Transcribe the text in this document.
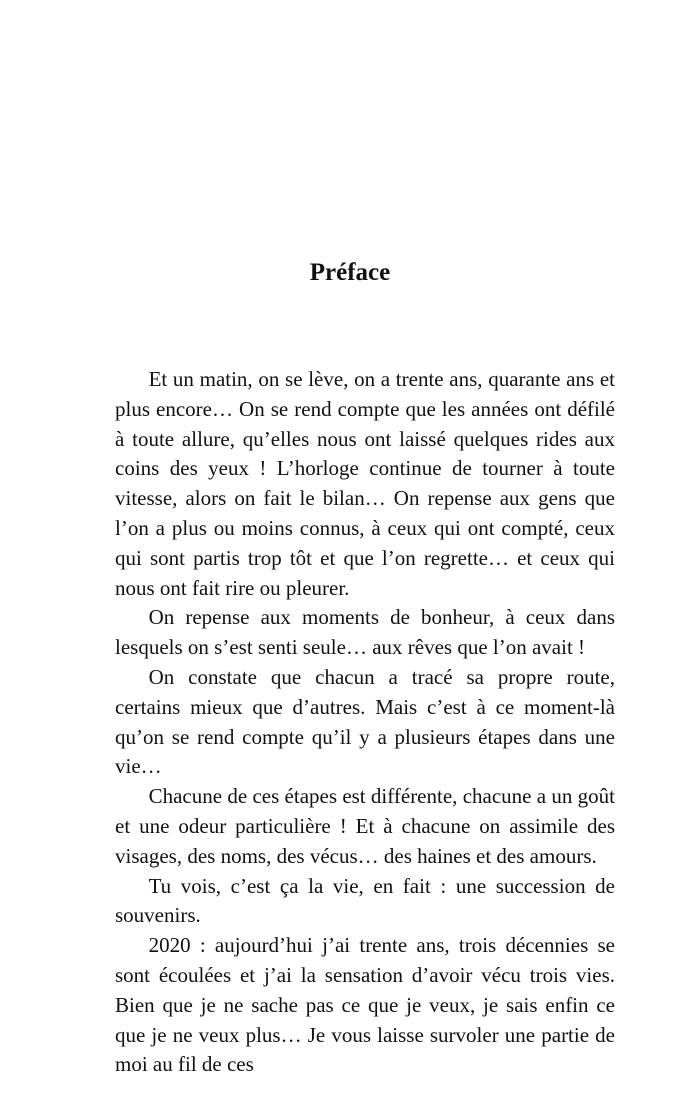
Préface

Et un matin, on se lève, on a trente ans, quarante ans et plus encore… On se rend compte que les années ont défilé à toute allure, qu’elles nous ont laissé quelques rides aux coins des yeux ! L’horloge continue de tourner à toute vitesse, alors on fait le bilan… On repense aux gens que l’on a plus ou moins connus, à ceux qui ont compté, ceux qui sont partis trop tôt et que l’on regrette… et ceux qui nous ont fait rire ou pleurer.

On repense aux moments de bonheur, à ceux dans lesquels on s’est senti seule… aux rêves que l’on avait !

On constate que chacun a tracé sa propre route, certains mieux que d’autres. Mais c’est à ce moment-là qu’on se rend compte qu’il y a plusieurs étapes dans une vie…

Chacune de ces étapes est différente, chacune a un goût et une odeur particulière ! Et à chacune on assimile des visages, des noms, des vécus… des haines et des amours.

Tu vois, c’est ça la vie, en fait : une succession de souvenirs.

2020 : aujourd’hui j’ai trente ans, trois décennies se sont écoulées et j’ai la sensation d’avoir vécu trois vies. Bien que je ne sache pas ce que je veux, je sais enfin ce que je ne veux plus… Je vous laisse survoler une partie de moi au fil de ces
